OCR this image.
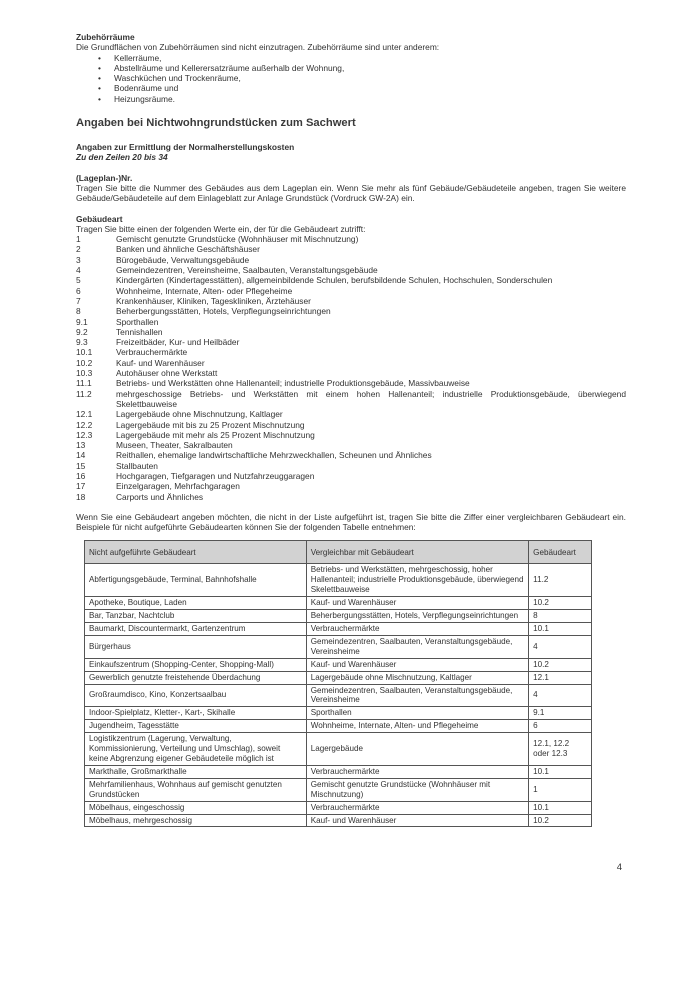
Zubehörräume

Die Grundflächen von Zubehörräumen sind nicht einzutragen. Zubehörräume sind unter anderem:

• Kellerräume,
• Abstellräume und Kellerersatzräume außerhalb der Wohnung,
• Waschküchen und Trockenräume,
• Bodenräume und
• Heizungsräume.
Angaben bei Nichtwohngrundstücken zum Sachwert
Angaben zur Ermittlung der Normalherstellungskosten
Zu den Zeilen 20 bis 34
(Lageplan-)Nr.

Tragen Sie bitte die Nummer des Gebäudes aus dem Lageplan ein. Wenn Sie mehr als fünf Gebäude/Gebäudeteile angeben, tragen Sie weitere Gebäude/Gebäudeteile auf dem Einlageblatt zur Anlage Grundstück (Vordruck GW-2A) ein.

Gebäudeart

Tragen Sie bitte einen der folgenden Werte ein, der für die Gebäudeart zutrifft:

1	Gemischt genutzte Grundstücke (Wohnhäuser mit Mischnutzung)
2	Banken und ähnliche Geschäftshäuser
3	Bürogebäude, Verwaltungsgebäude
4	Gemeindezentren, Vereinsheime, Saalbauten, Veranstaltungsgebäude
5	Kindergärten (Kindertagesstätten), allgemeinbildende Schulen, berufsbildende Schulen, Hochschulen, Sonderschulen
6	Wohnheime, Internate, Alten- oder Pflegeheime
7	Krankenhäuser, Kliniken, Tageskliniken, Ärztehäuser
8	Beherbergungsstätten, Hotels, Verpflegungseinrichtungen
9.1	Sporthallen
9.2	Tennishallen
9.3	Freizeitbäder, Kur- und Heilbäder
10.1	Verbrauchermärkte
10.2	Kauf- und Warenhäuser
10.3	Autohäuser ohne Werkstatt
11.1	Betriebs- und Werkstätten ohne Hallenanteil; industrielle Produktionsgebäude, Massivbauweise
11.2	mehrgeschossige Betriebs- und Werkstätten mit einem hohen Hallenanteil; industrielle Produktionsgebäude, überwiegend Skelettbauweise
12.1	Lagergebäude ohne Mischnutzung, Kaltlager
12.2	Lagergebäude mit bis zu 25 Prozent Mischnutzung
12.3	Lagergebäude mit mehr als 25 Prozent Mischnutzung
13	Museen, Theater, Sakralbauten
14	Reithallen, ehemalige landwirtschaftliche Mehrzweckhallen, Scheunen und Ähnliches
15	Stallbauten
16	Hochgaragen, Tiefgaragen und Nutzfahrzeuggaragen
17	Einzelgaragen, Mehrfachgaragen
18	Carports und Ähnliches

Wenn Sie eine Gebäudeart angeben möchten, die nicht in der Liste aufgeführt ist, tragen Sie bitte die Ziffer einer vergleichbaren Gebäudeart ein. Beispiele für nicht aufgeführte Gebäudearten können Sie der folgenden Tabelle entnehmen:

Nicht aufgeführte Gebäudeart	Vergleichbar mit Gebäudeart	Gebäudeart
Abfertigungsgebäude, Terminal, Bahnhofshalle	Betriebs- und Werkstätten, mehrgeschossig, hoher Hallenanteil; industrielle Produktionsgebäude, überwiegend Skelettbauweise	11.2
Apotheke, Boutique, Laden	Kauf- und Warenhäuser	10.2
Bar, Tanzbar, Nachtclub	Beherbergungsstätten, Hotels, Verpflegungseinrichtungen	8
Baumarkt, Discountermarkt, Gartenzentrum	Verbrauchermärkte	10.1
Bürgerhaus	Gemeindezentren, Saalbauten, Veranstaltungsgebäude, Vereinsheime	4
Einkaufszentrum (Shopping-Center, Shopping-Mall)	Kauf- und Warenhäuser	10.2
Gewerblich genutzte freistehende Überdachung	Lagergebäude ohne Mischnutzung, Kaltlager	12.1
Großraumdisco, Kino, Konzertsaalbau	Gemeindezentren, Saalbauten, Veranstaltungsgebäude, Vereinsheime	4
Indoor-Spielplatz, Kletter-, Kart-, Skihalle	Sporthallen	9.1
Jugendheim, Tagesstätte	Wohnheime, Internate, Alten- und Pflegeheime	6
Logistikzentrum (Lagerung, Verwaltung, Kommissionierung, Verteilung und Umschlag), soweit keine Abgrenzung eigener Gebäudeteile möglich ist	Lagergebäude	12.1, 12.2 oder 12.3
Markthalle, Großmarkthalle	Verbrauchermärkte	10.1
Mehrfamilienhaus, Wohnhaus auf gemischt genutzten Grundstücken	Gemischt genutzte Grundstücke (Wohnhäuser mit Mischnutzung)	1
Möbelhaus, eingeschossig	Verbrauchermärkte	10.1
Möbelhaus, mehrgeschossig	Kauf- und Warenhäuser	10.2
4
